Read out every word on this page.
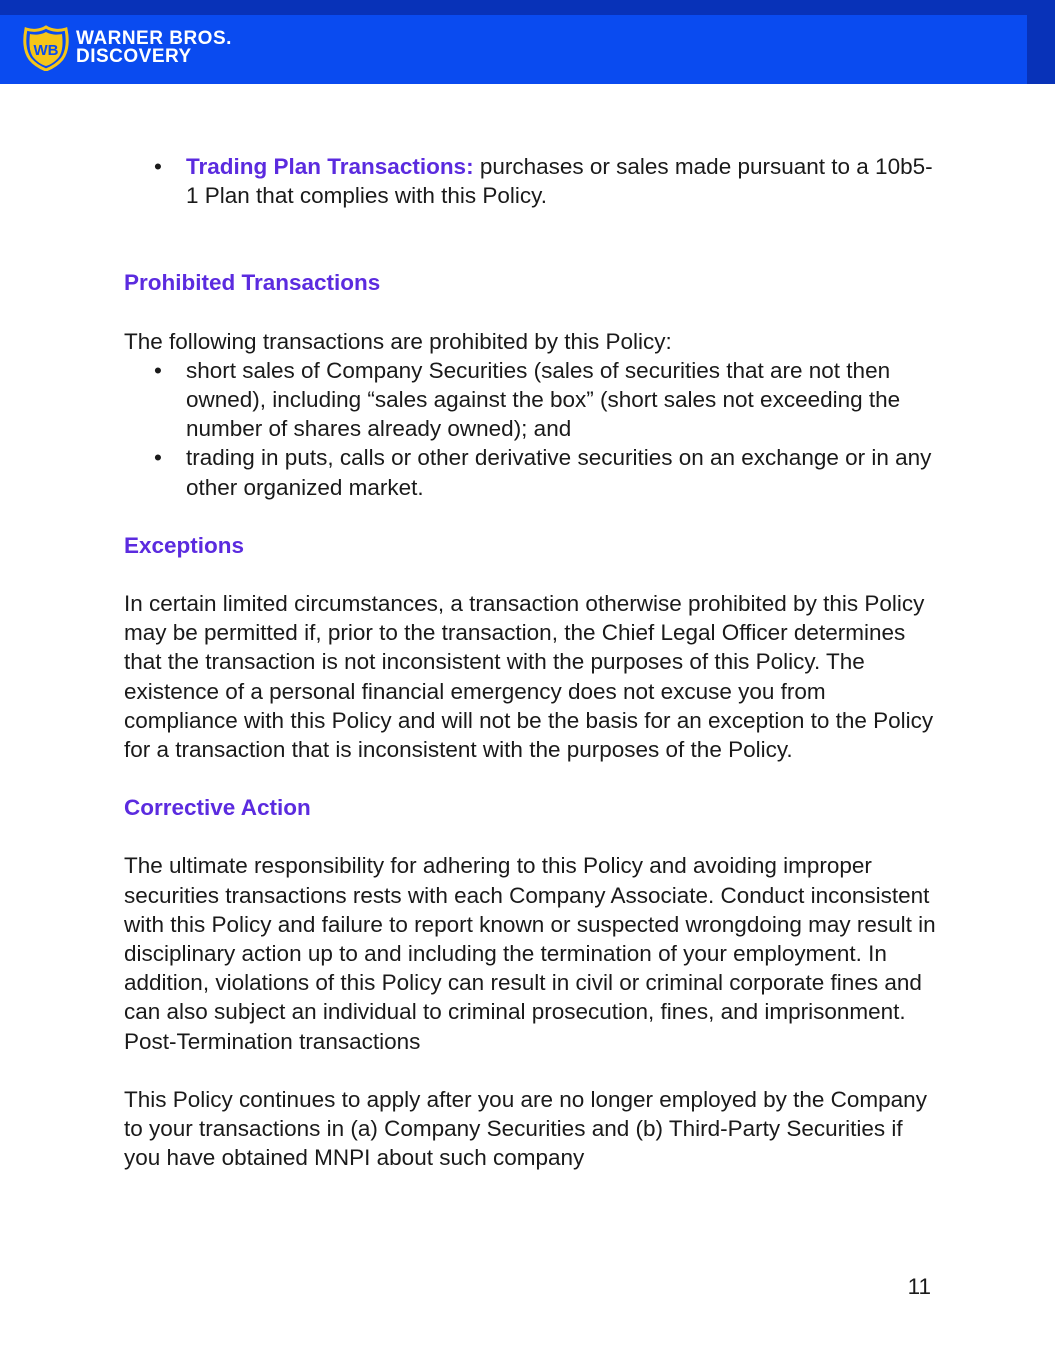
WB
WARNER BROS.
DISCOVERY
• Trading Plan Transactions: purchases or sales made pursuant to a 10b5-1 Plan that complies with this Policy.
Prohibited Transactions

The following transactions are prohibited by this Policy:

• short sales of Company Securities (sales of securities that are not then owned), including “sales against the box” (short sales not exceeding the number of shares already owned); and
• trading in puts, calls or other derivative securities on an exchange or in any other organized market.
Exceptions

In certain limited circumstances, a transaction otherwise prohibited by this Policy may be permitted if, prior to the transaction, the Chief Legal Officer determines that the transaction is not inconsistent with the purposes of this Policy. The existence of a personal financial emergency does not excuse you from compliance with this Policy and will not be the basis for an exception to the Policy for a transaction that is inconsistent with the purposes of the Policy.

Corrective Action

The ultimate responsibility for adhering to this Policy and avoiding improper securities transactions rests with each Company Associate. Conduct inconsistent with this Policy and failure to report known or suspected wrongdoing may result in disciplinary action up to and including the termination of your employment. In addition, violations of this Policy can result in civil or criminal corporate fines and can also subject an individual to criminal prosecution, fines, and imprisonment.

Post-Termination transactions

This Policy continues to apply after you are no longer employed by the Company to your transactions in (a) Company Securities and (b) Third-Party Securities if you have obtained MNPI about such company

11
